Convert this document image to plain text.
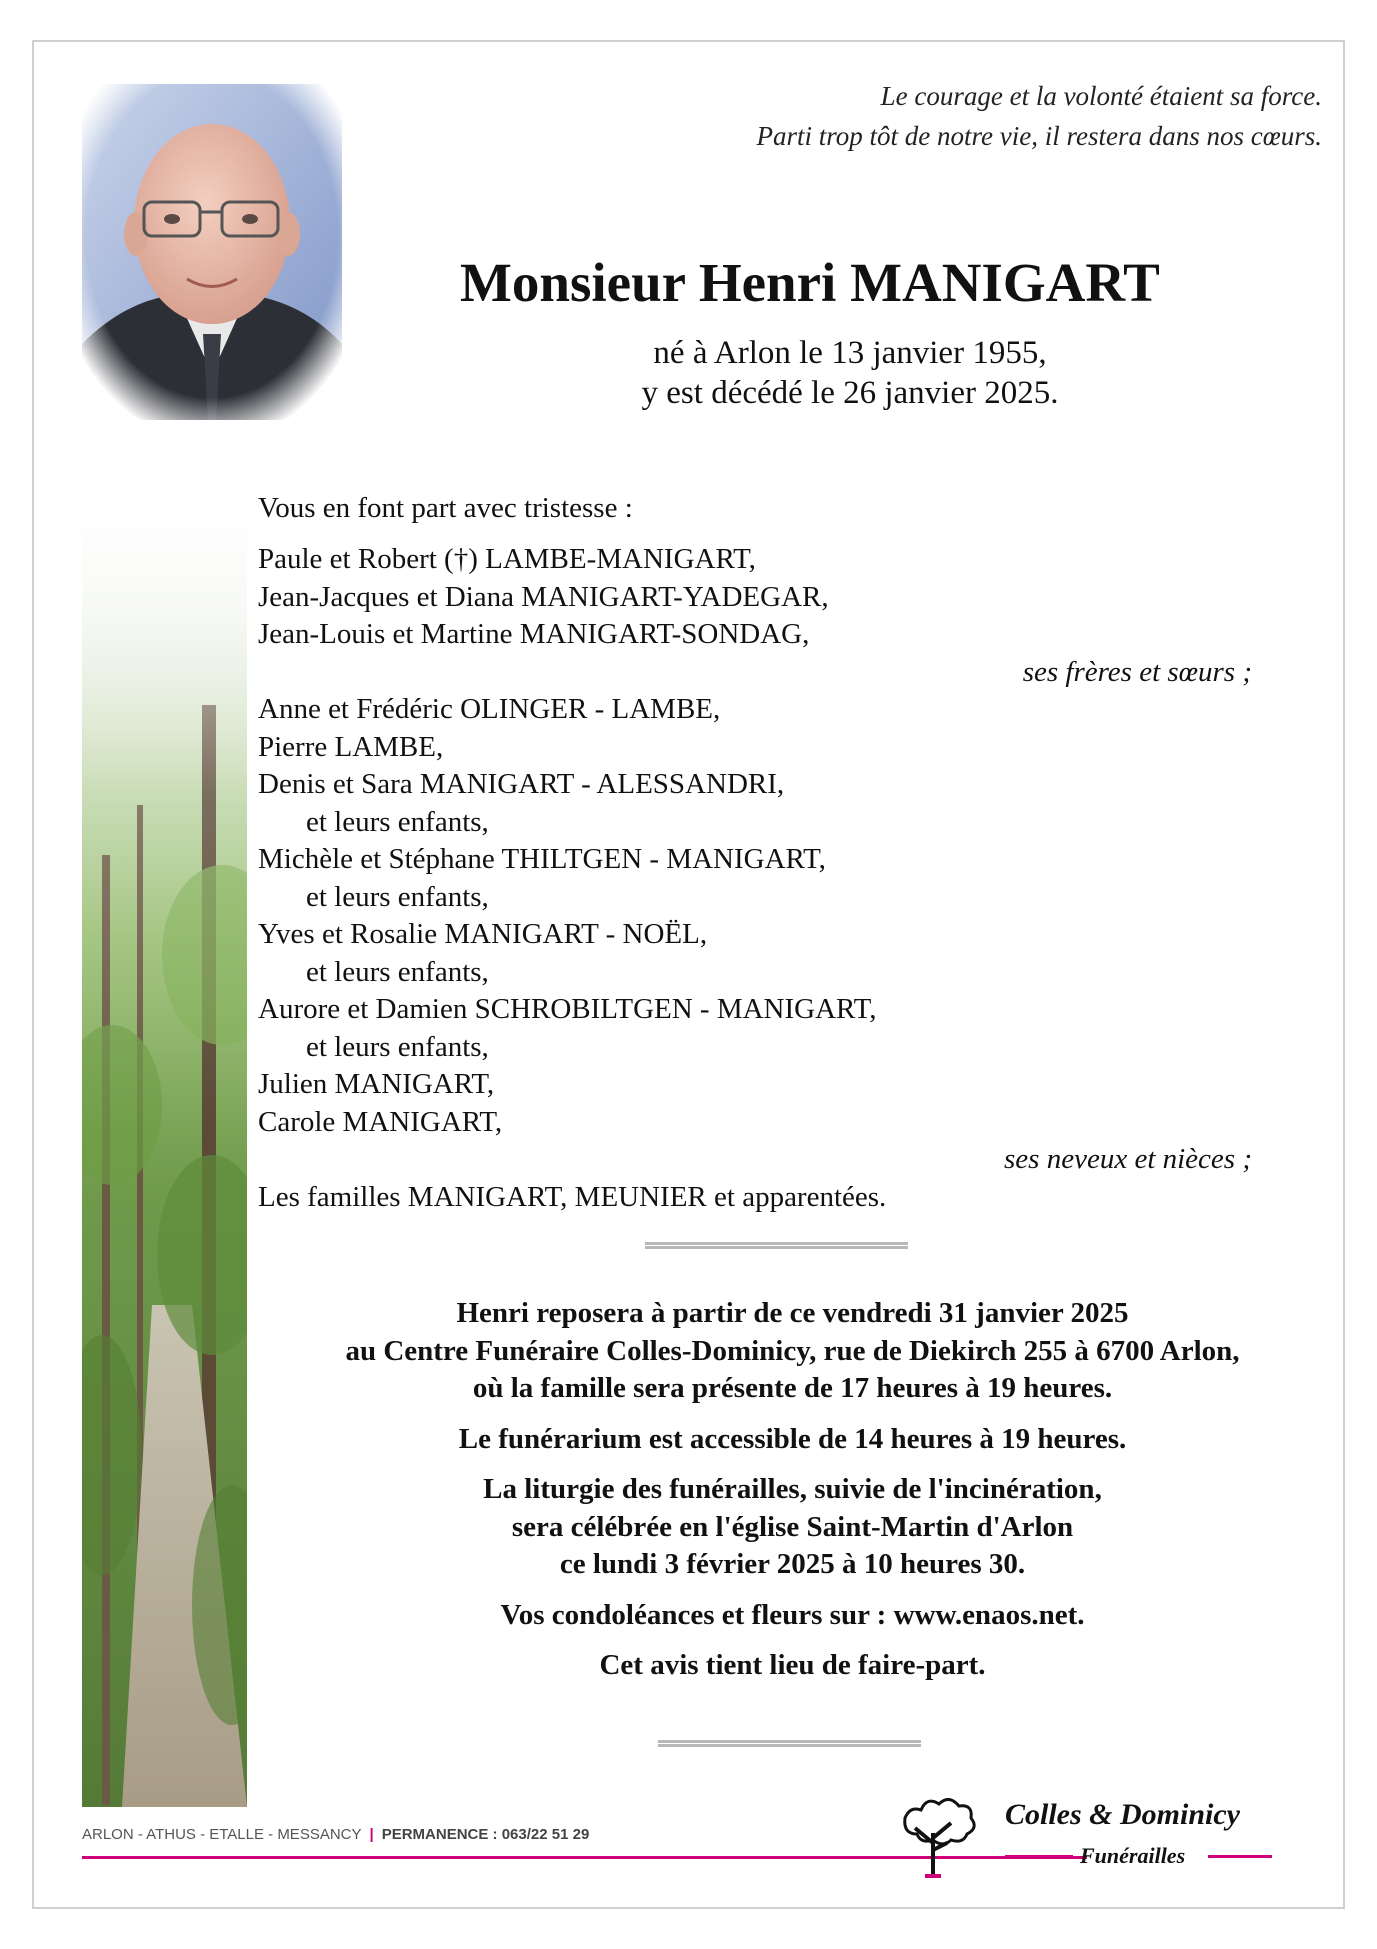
Le courage et la volonté étaient sa force.
Parti trop tôt de notre vie, il restera dans nos cœurs.
Monsieur Henri MANIGART
né à Arlon le 13 janvier 1955,
y est décédé le 26 janvier 2025.
Vous en font part avec tristesse :
Paule et Robert (†) LAMBE-MANIGART,
Jean-Jacques et Diana MANIGART-YADEGAR,
Jean-Louis et Martine MANIGART-SONDAG,
ses frères et sœurs ;
Anne et Frédéric OLINGER - LAMBE,
Pierre LAMBE,
Denis et Sara MANIGART - ALESSANDRI,
et leurs enfants,
Michèle et Stéphane THILTGEN - MANIGART,
et leurs enfants,
Yves et Rosalie MANIGART - NOËL,
et leurs enfants,
Aurore et Damien SCHROBILTGEN - MANIGART,
et leurs enfants,
Julien MANIGART,
Carole MANIGART,
ses neveux et nièces ;
Les familles MANIGART, MEUNIER et apparentées.
Henri reposera à partir de ce vendredi 31 janvier 2025
au Centre Funéraire Colles-Dominicy, rue de Diekirch 255 à 6700 Arlon,
où la famille sera présente de 17 heures à 19 heures.
Le funérarium est accessible de 14 heures à 19 heures.
La liturgie des funérailles, suivie de l'incinération,
sera célébrée en l'église Saint-Martin d'Arlon
ce lundi 3 février 2025 à 10 heures 30.
Vos condoléances et fleurs sur : www.enaos.net.
Cet avis tient lieu de faire-part.
ARLON - ATHUS - ETALLE - MESSANCY | PERMANENCE : 063/22 51 29
Colles & Dominicy
Funérailles
